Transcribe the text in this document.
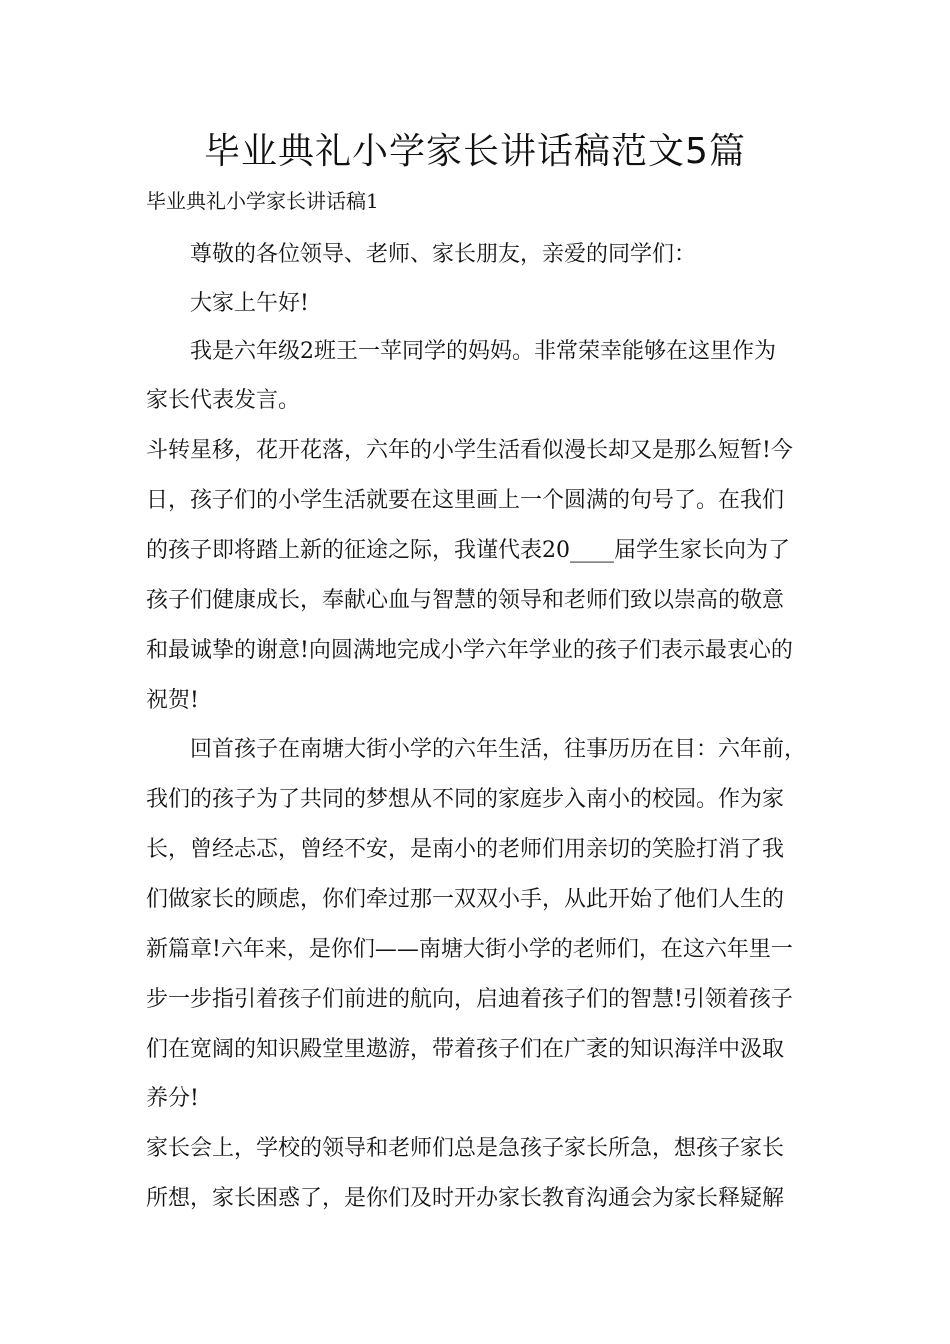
毕业典礼小学家长讲话稿范文5篇

毕业典礼小学家长讲话稿1

尊敬的各位领导、老师、家长朋友，亲爱的同学们：

大家上午好!

我是六年级2班王一苹同学的妈妈。非常荣幸能够在这里作为

家长代表发言。

斗转星移，花开花落，六年的小学生活看似漫长却又是那么短暂!今

日，孩子们的小学生活就要在这里画上一个圆满的句号了。在我们

的孩子即将踏上新的征途之际，我谨代表20____届学生家长向为了

孩子们健康成长，奉献心血与智慧的领导和老师们致以崇高的敬意

和最诚挚的谢意!向圆满地完成小学六年学业的孩子们表示最衷心的

祝贺!

回首孩子在南塘大街小学的六年生活，往事历历在目：六年前，

我们的孩子为了共同的梦想从不同的家庭步入南小的校园。作为家

长，曾经忐忑，曾经不安，是南小的老师们用亲切的笑脸打消了我

们做家长的顾虑，你们牵过那一双双小手，从此开始了他们人生的

新篇章!六年来，是你们——南塘大街小学的老师们，在这六年里一

步一步指引着孩子们前进的航向，启迪着孩子们的智慧!引领着孩子

们在宽阔的知识殿堂里遨游，带着孩子们在广袤的知识海洋中汲取

养分!

家长会上，学校的领导和老师们总是急孩子家长所急，想孩子家长

所想，家长困惑了，是你们及时开办家长教育沟通会为家长释疑解
